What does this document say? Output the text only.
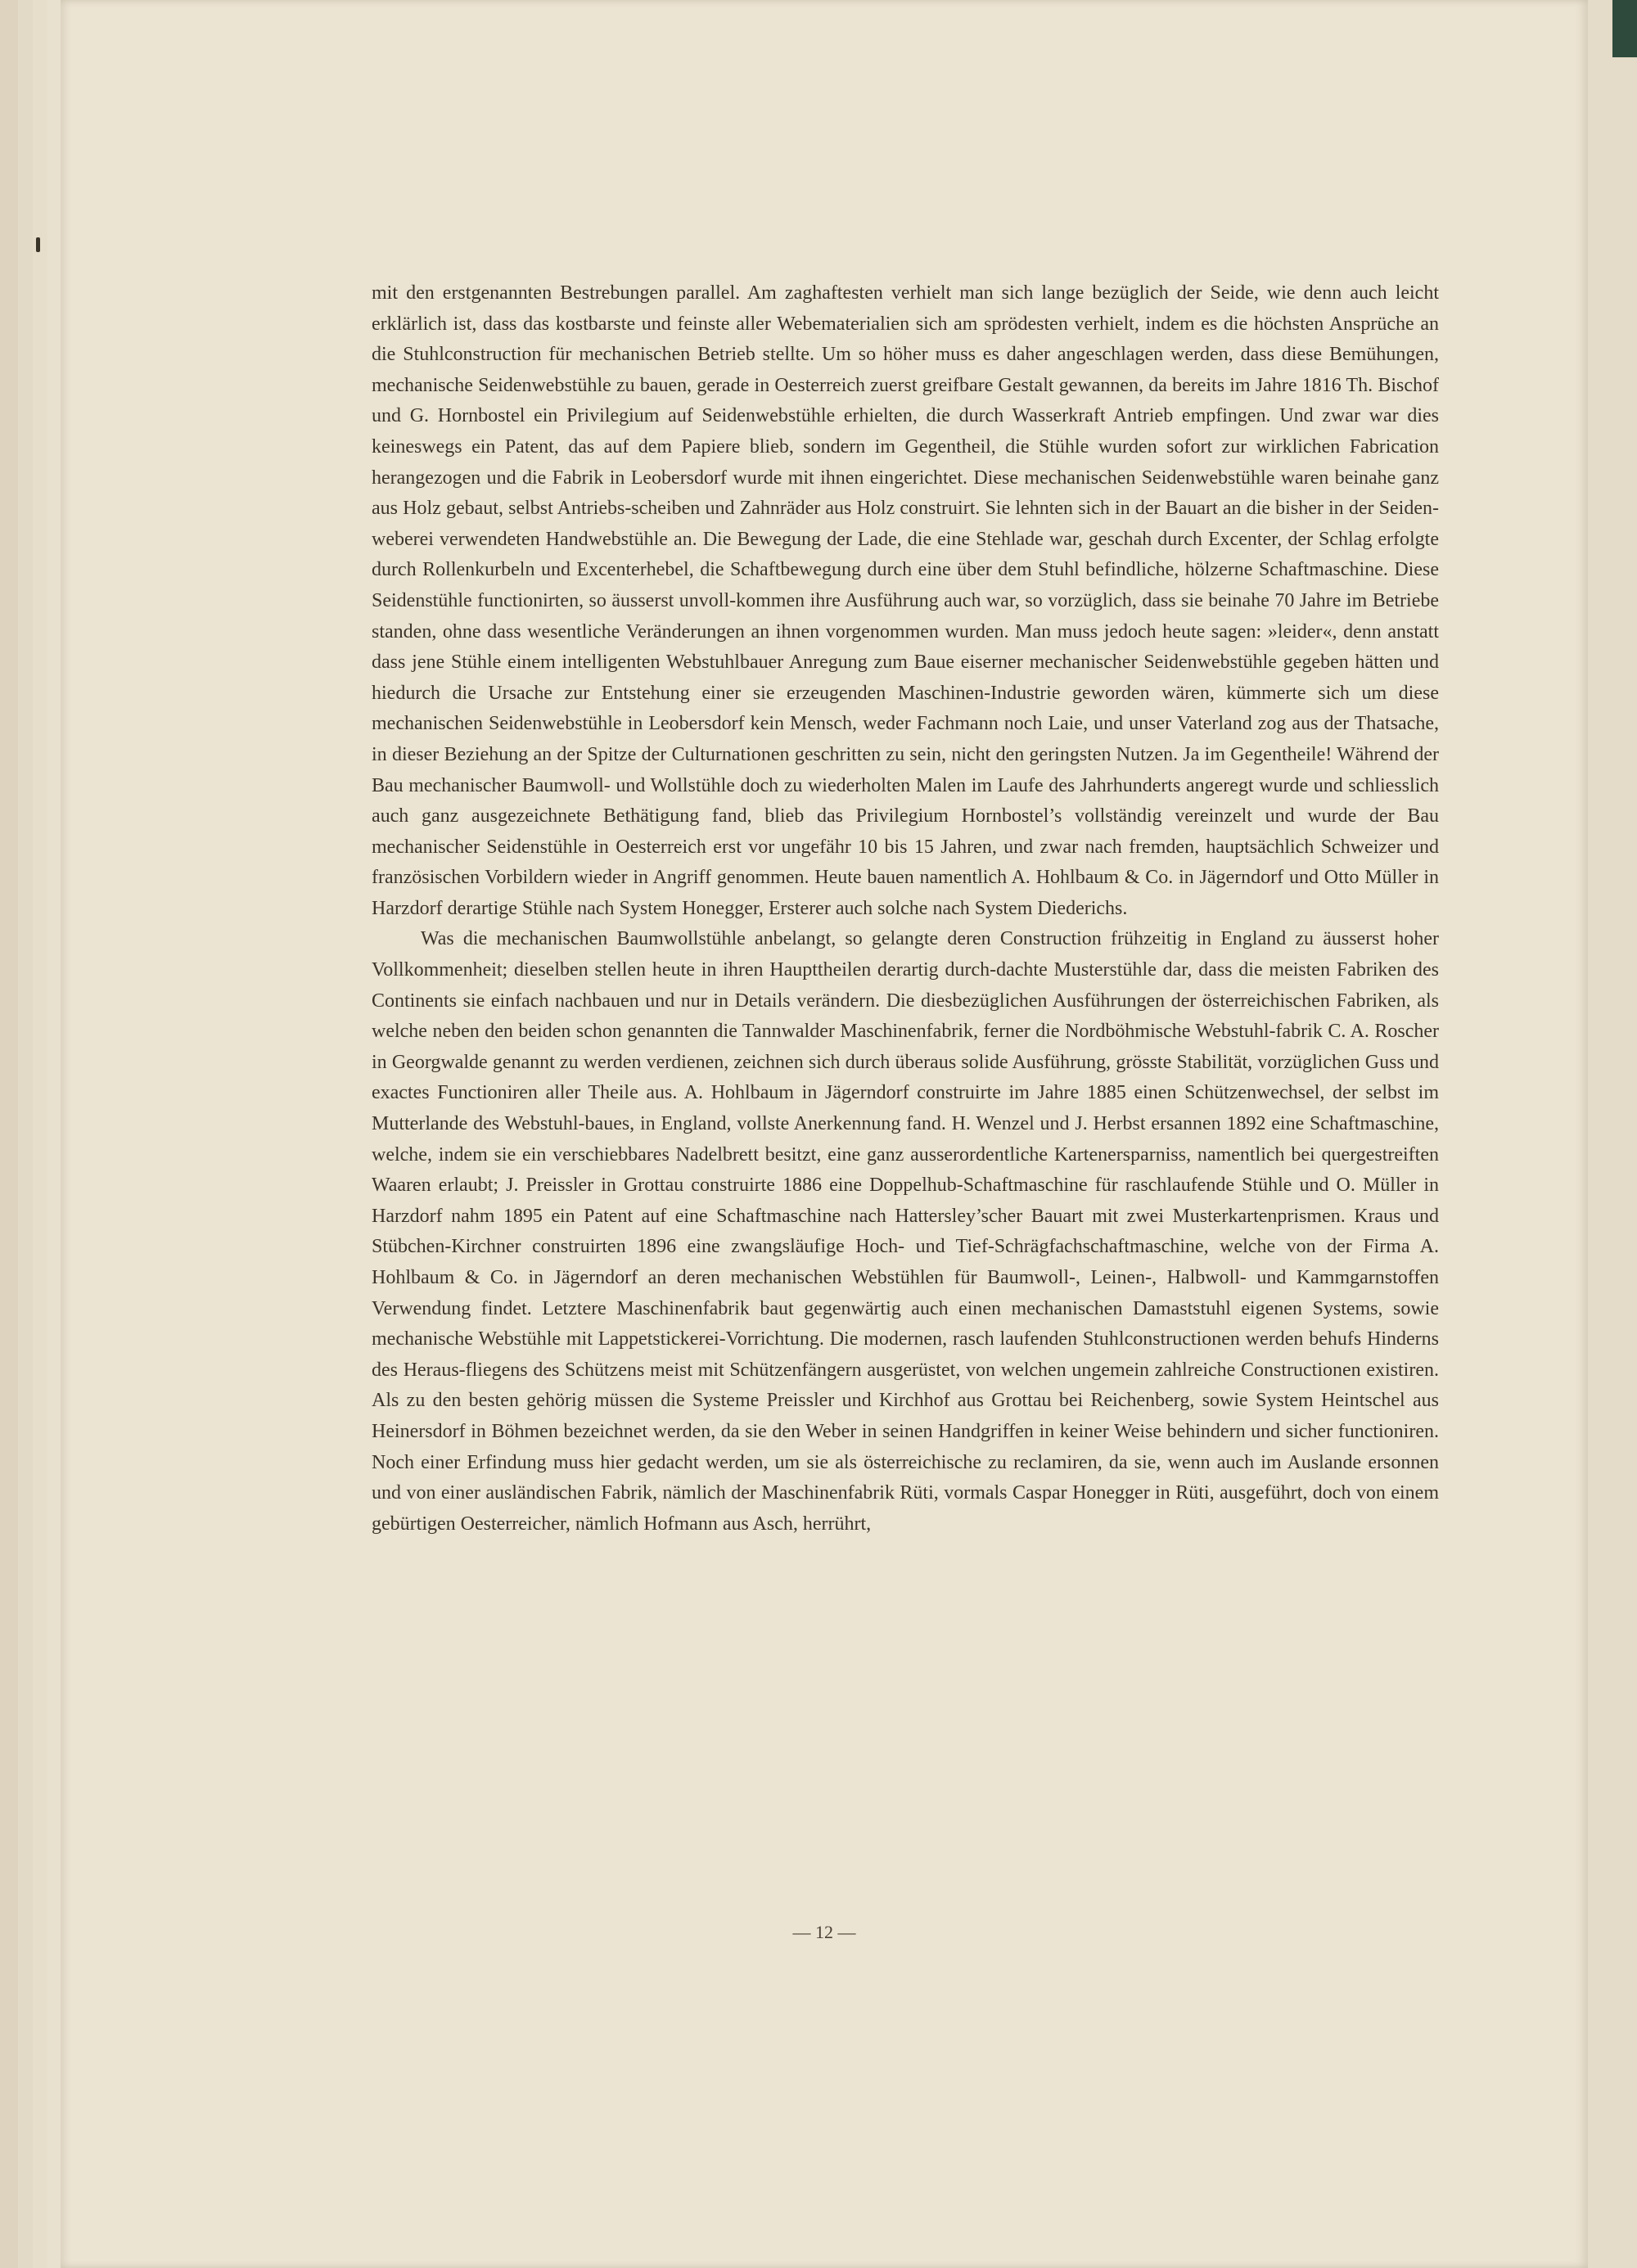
mit den erstgenannten Bestrebungen parallel. Am zaghaftesten verhielt man sich lange bezüglich der Seide, wie denn auch leicht erklärlich ist, dass das kostbarste und feinste aller Webematerialien sich am sprödesten verhielt, indem es die höchsten Ansprüche an die Stuhlconstruction für mechanischen Betrieb stellte. Um so höher muss es daher angeschlagen werden, dass diese Bemühungen, mechanische Seidenwebstühle zu bauen, gerade in Oesterreich zuerst greifbare Gestalt gewannen, da bereits im Jahre 1816 Th. Bischof und G. Hornbostel ein Privilegium auf Seidenwebstühle erhielten, die durch Wasserkraft Antrieb empfingen. Und zwar war dies keineswegs ein Patent, das auf dem Papiere blieb, sondern im Gegentheil, die Stühle wurden sofort zur wirklichen Fabrication herangezogen und die Fabrik in Leobersdorf wurde mit ihnen eingerichtet. Diese mechanischen Seidenwebstühle waren beinahe ganz aus Holz gebaut, selbst Antriebs-scheiben und Zahnräder aus Holz construirt. Sie lehnten sich in der Bauart an die bisher in der Seiden-weberei verwendeten Handwebstühle an. Die Bewegung der Lade, die eine Stehlade war, geschah durch Excenter, der Schlag erfolgte durch Rollenkurbeln und Excenterhebel, die Schaftbewegung durch eine über dem Stuhl befindliche, hölzerne Schaftmaschine. Diese Seidenstühle functionirten, so äusserst unvoll-kommen ihre Ausführung auch war, so vorzüglich, dass sie beinahe 70 Jahre im Betriebe standen, ohne dass wesentliche Veränderungen an ihnen vorgenommen wurden. Man muss jedoch heute sagen: »leider«, denn anstatt dass jene Stühle einem intelligenten Webstuhlbauer Anregung zum Baue eiserner mechanischer Seidenwebstühle gegeben hätten und hiedurch die Ursache zur Entstehung einer sie erzeugenden Maschinen-Industrie geworden wären, kümmerte sich um diese mechanischen Seidenwebstühle in Leobersdorf kein Mensch, weder Fachmann noch Laie, und unser Vaterland zog aus der Thatsache, in dieser Beziehung an der Spitze der Culturnationen geschritten zu sein, nicht den geringsten Nutzen. Ja im Gegentheile! Während der Bau mechanischer Baumwoll- und Wollstühle doch zu wiederholten Malen im Laufe des Jahrhunderts angeregt wurde und schliesslich auch ganz ausgezeichnete Bethätigung fand, blieb das Privilegium Hornbostel’s vollständig vereinzelt und wurde der Bau mechanischer Seidenstühle in Oesterreich erst vor ungefähr 10 bis 15 Jahren, und zwar nach fremden, hauptsächlich Schweizer und französischen Vorbildern wieder in Angriff genommen. Heute bauen namentlich A. Hohlbaum & Co. in Jägerndorf und Otto Müller in Harzdorf derartige Stühle nach System Honegger, Ersterer auch solche nach System Diederichs.

Was die mechanischen Baumwollstühle anbelangt, so gelangte deren Construction frühzeitig in England zu äusserst hoher Vollkommenheit; dieselben stellen heute in ihren Haupttheilen derartig durch-dachte Musterstühle dar, dass die meisten Fabriken des Continents sie einfach nachbauen und nur in Details verändern. Die diesbezüglichen Ausführungen der österreichischen Fabriken, als welche neben den beiden schon genannten die Tannwalder Maschinenfabrik, ferner die Nordböhmische Webstuhl-fabrik C. A. Roscher in Georgwalde genannt zu werden verdienen, zeichnen sich durch überaus solide Ausführung, grösste Stabilität, vorzüglichen Guss und exactes Functioniren aller Theile aus. A. Hohlbaum in Jägerndorf construirte im Jahre 1885 einen Schützenwechsel, der selbst im Mutterlande des Webstuhl-baues, in England, vollste Anerkennung fand. H. Wenzel und J. Herbst ersannen 1892 eine Schaftmaschine, welche, indem sie ein verschiebbares Nadelbrett besitzt, eine ganz ausserordentliche Kartenersparniss, namentlich bei quergestreiften Waaren erlaubt; J. Preissler in Grottau construirte 1886 eine Doppelhub-Schaftmaschine für raschlaufende Stühle und O. Müller in Harzdorf nahm 1895 ein Patent auf eine Schaftmaschine nach Hattersley’scher Bauart mit zwei Musterkartenprismen. Kraus und Stübchen-Kirchner construirten 1896 eine zwangsläufige Hoch- und Tief-Schrägfachschaftmaschine, welche von der Firma A. Hohlbaum & Co. in Jägerndorf an deren mechanischen Webstühlen für Baumwoll-, Leinen-, Halbwoll- und Kammgarnstoffen Verwendung findet. Letztere Maschinenfabrik baut gegenwärtig auch einen mechanischen Damaststuhl eigenen Systems, sowie mechanische Webstühle mit Lappetstickerei-Vorrichtung. Die modernen, rasch laufenden Stuhlconstructionen werden behufs Hinderns des Heraus-fliegens des Schützens meist mit Schützenfängern ausgerüstet, von welchen ungemein zahlreiche Constructionen existiren. Als zu den besten gehörig müssen die Systeme Preissler und Kirchhof aus Grottau bei Reichenberg, sowie System Heintschel aus Heinersdorf in Böhmen bezeichnet werden, da sie den Weber in seinen Handgriffen in keiner Weise behindern und sicher functioniren. Noch einer Erfindung muss hier gedacht werden, um sie als österreichische zu reclamiren, da sie, wenn auch im Auslande ersonnen und von einer ausländischen Fabrik, nämlich der Maschinenfabrik Rüti, vormals Caspar Honegger in Rüti, ausgeführt, doch von einem gebürtigen Oesterreicher, nämlich Hofmann aus Asch, herrührt,

— 12 —
